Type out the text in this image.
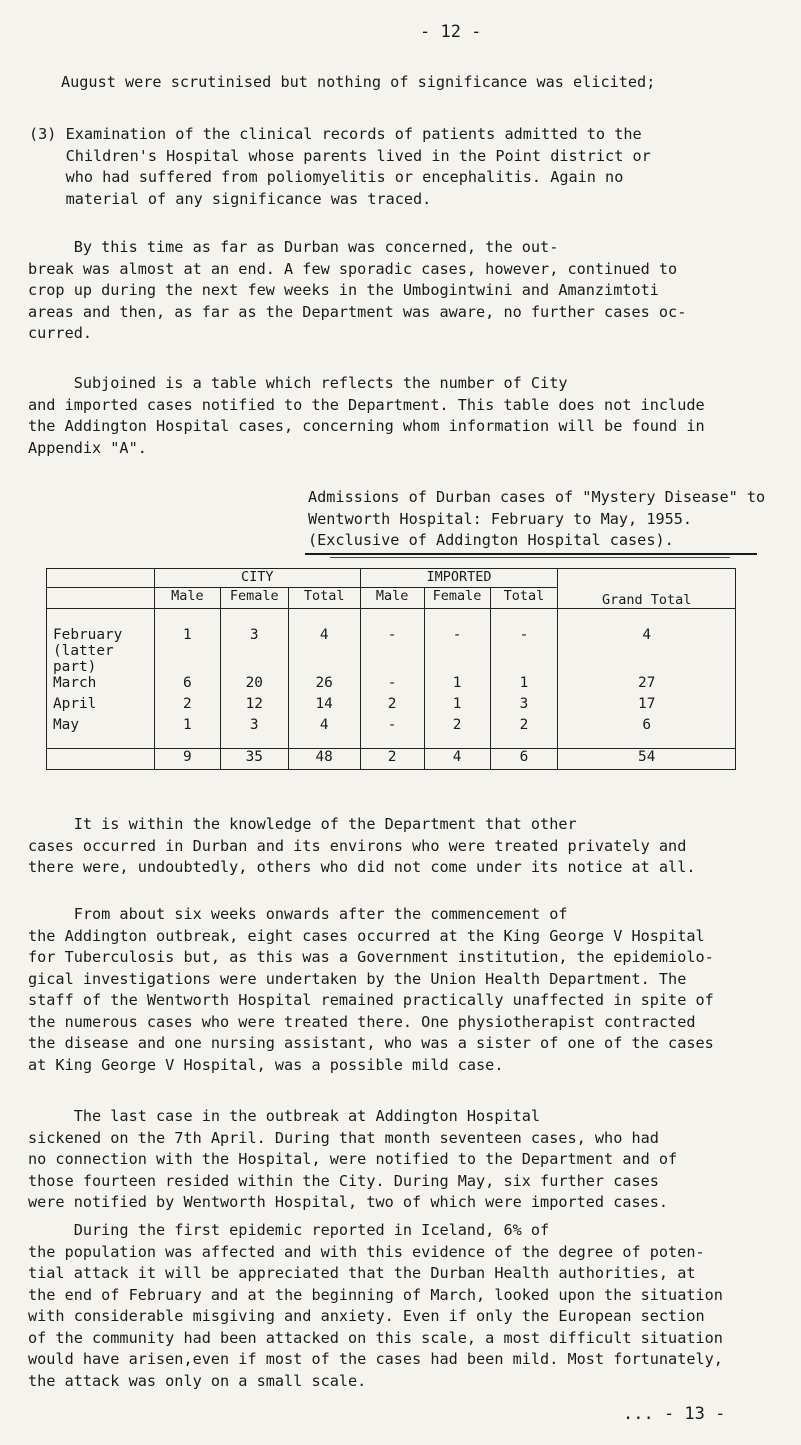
- 12 -

August were scrutinised but nothing of significance was elicited;

(3) Examination of the clinical records of patients admitted to the
Children's Hospital whose parents lived in the Point district or
who had suffered from poliomyelitis or encephalitis. Again no
material of any significance was traced.

By this time as far as Durban was concerned, the out-
break was almost at an end. A few sporadic cases, however, continued to
crop up during the next few weeks in the Umbogintwini and Amanzimtoti
areas and then, as far as the Department was aware, no further cases oc-
curred.

Subjoined is a table which reflects the number of City
and imported cases notified to the Department. This table does not include
the Addington Hospital cases, concerning whom information will be found in
Appendix "A".

Admissions of Durban cases of "Mystery Disease" to
Wentworth Hospital: February to May, 1955.
(Exclusive of Addington Hospital cases).
	CITY			IMPORTED			Grand Total
	Male	Female	Total	Male	Female	Total	

February
(latter
part)	1	3	4	-	-	-	4
March	6	20	26	-	1	1	27
April	2	12	14	2	1	3	17
May	1	3	4	-	2	2	6
	9	35	48	2	4	6	54

It is within the knowledge of the Department that other
cases occurred in Durban and its environs who were treated privately and
there were, undoubtedly, others who did not come under its notice at all.

From about six weeks onwards after the commencement of
the Addington outbreak, eight cases occurred at the King George V Hospital
for Tuberculosis but, as this was a Government institution, the epidemiolo-
gical investigations were undertaken by the Union Health Department. The
staff of the Wentworth Hospital remained practically unaffected in spite of
the numerous cases who were treated there. One physiotherapist contracted
the disease and one nursing assistant, who was a sister of one of the cases
at King George V Hospital, was a possible mild case.

The last case in the outbreak at Addington Hospital
sickened on the 7th April. During that month seventeen cases, who had
no connection with the Hospital, were notified to the Department and of
those fourteen resided within the City. During May, six further cases
were notified by Wentworth Hospital, two of which were imported cases.

During the first epidemic reported in Iceland, 6% of
the population was affected and with this evidence of the degree of poten-
tial attack it will be appreciated that the Durban Health authorities, at
the end of February and at the beginning of March, looked upon the situation
with considerable misgiving and anxiety. Even if only the European section
of the community had been attacked on this scale, a most difficult situation
would have arisen,even if most of the cases had been mild. Most fortunately,
the attack was only on a small scale.

... - 13 -
